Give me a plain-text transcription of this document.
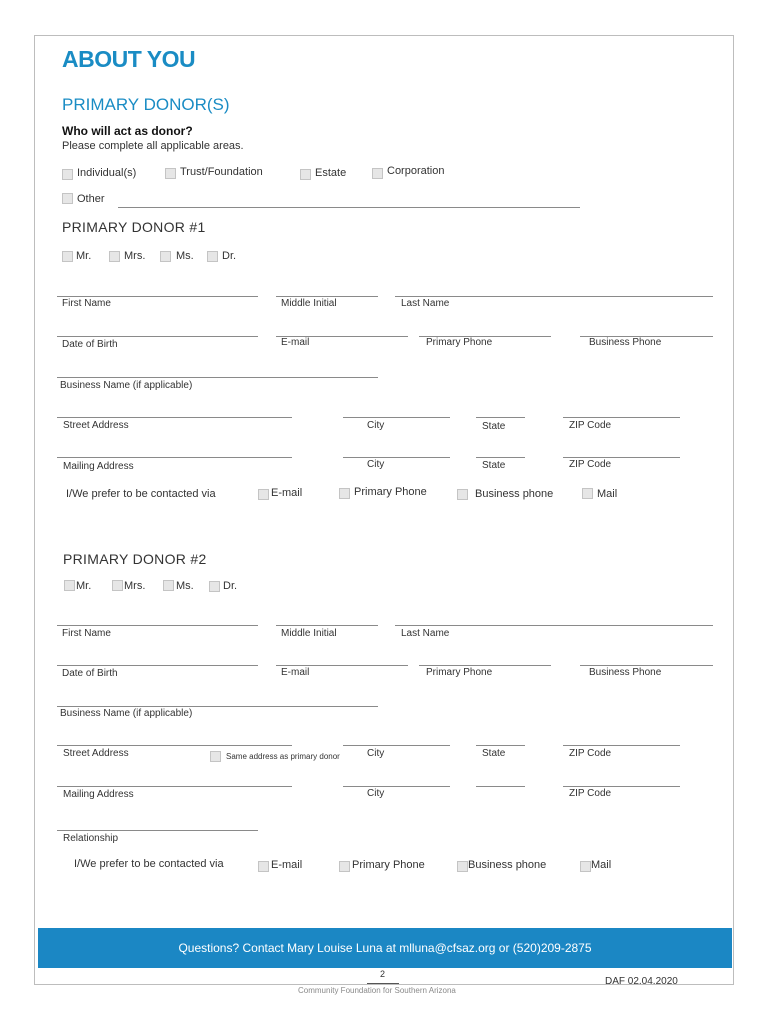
ABOUT YOU
PRIMARY DONOR(S)
Who will act as donor?
Please complete all applicable areas.
Individual(s)	Trust/Foundation	Estate	Corporation
Other
PRIMARY DONOR #1
Mr.	Mrs.	Ms.	Dr.
First Name	Middle Initial	Last Name
Date of Birth	E-mail	Primary Phone	Business Phone
Business Name (if applicable)
Street Address	City	State	ZIP Code
Mailing Address	City	State	ZIP Code
I/We prefer to be contacted via	E-mail	Primary Phone	Business phone	Mail
PRIMARY DONOR #2
Mr.	Mrs.	Ms.	Dr.
First Name	Middle Initial	Last Name
Date of Birth	E-mail	Primary Phone	Business Phone
Business Name (if applicable)
Street Address	Same address as primary donor	City	State	ZIP Code
Mailing Address	City	ZIP Code
Relationship
I/We prefer to be contacted via	E-mail	Primary Phone	Business phone	Mail
Questions? Contact Mary Louise Luna at mlluna@cfsaz.org or (520)209-2875
2
Community Foundation for Southern Arizona
DAF 02.04.2020
